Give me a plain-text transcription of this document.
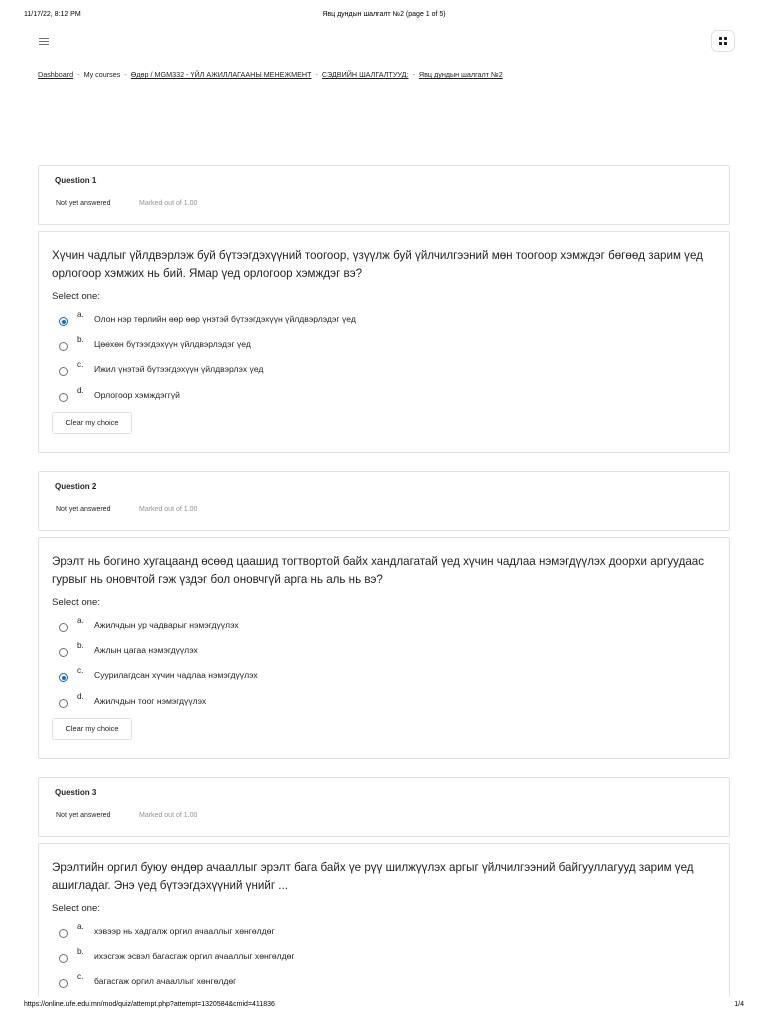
11/17/22, 8:12 PM	Явц дундын шалгалт №2 (page 1 of 5)
Dashboard - My courses - Өдөр / MGM332 - ҮЙЛ АЖИЛЛАГААНЫ МЕНЕЖМЕНТ - СЭДВИЙН ШАЛГАЛТУУД: - Явц дундын шалгалт №2
Question 1
Not yet answered	Marked out of 1.00
Хүчин чадлыг үйлдвэрлэж буй бүтээгдэхүүний тоогоор, үзүүлж буй үйлчилгээний мөн тоогоор хэмждэг бөгөөд зарим үед орлогоор хэмжих нь бий. Ямар үед орлогоор хэмждэг вэ?
Select one:
a. Олон нэр төрлийн өөр өөр үнэтэй бүтээгдэхүүн үйлдвэрлэдэг үед
b. Цөөхөн бүтээгдэхүүн үйлдвэрлэдэг үед
c. Ижил үнэтэй бүтээгдэхүүн үйлдвэрлэх үед
d. Орлогоор хэмждэггүй
Clear my choice
Question 2
Not yet answered	Marked out of 1.00
Эрэлт нь богино хугацаанд өсөөд цаашид тогтвортой байх хандлагатай үед хүчин чадлаа нэмэгдүүлэх доорхи аргуудаас гурвыг нь оновчтой гэж үздэг бол оновчгүй арга нь аль нь вэ?
Select one:
a. Ажилчдын ур чадварыг нэмэгдүүлэх
b. Ажлын цагаа нэмэгдүүлэх
c. Суурилагдсан хүчин чадлаа нэмэгдүүлэх
d. Ажилчдын тоог нэмэгдүүлэх
Clear my choice
Question 3
Not yet answered	Marked out of 1.00
Эрэлтийн оргил буюу өндөр ачааллыг эрэлт бага байх үе рүү шилжүүлэх аргыг үйлчилгээний байгууллагууд зарим үед ашигладаг. Энэ үед бүтээгдэхүүний үнийг ...
Select one:
a. хэвээр нь хадгалж оргил ачааллыг хөнгөлдөг
b. ихэсгэж эсвэл багасгаж оргил ачааллыг хөнгөлдөг
c. багасгаж оргил ачааллыг хөнгөлдөг
https://online.ufe.edu.mn/mod/quiz/attempt.php?attempt=1320584&cmid=411836	1/4
